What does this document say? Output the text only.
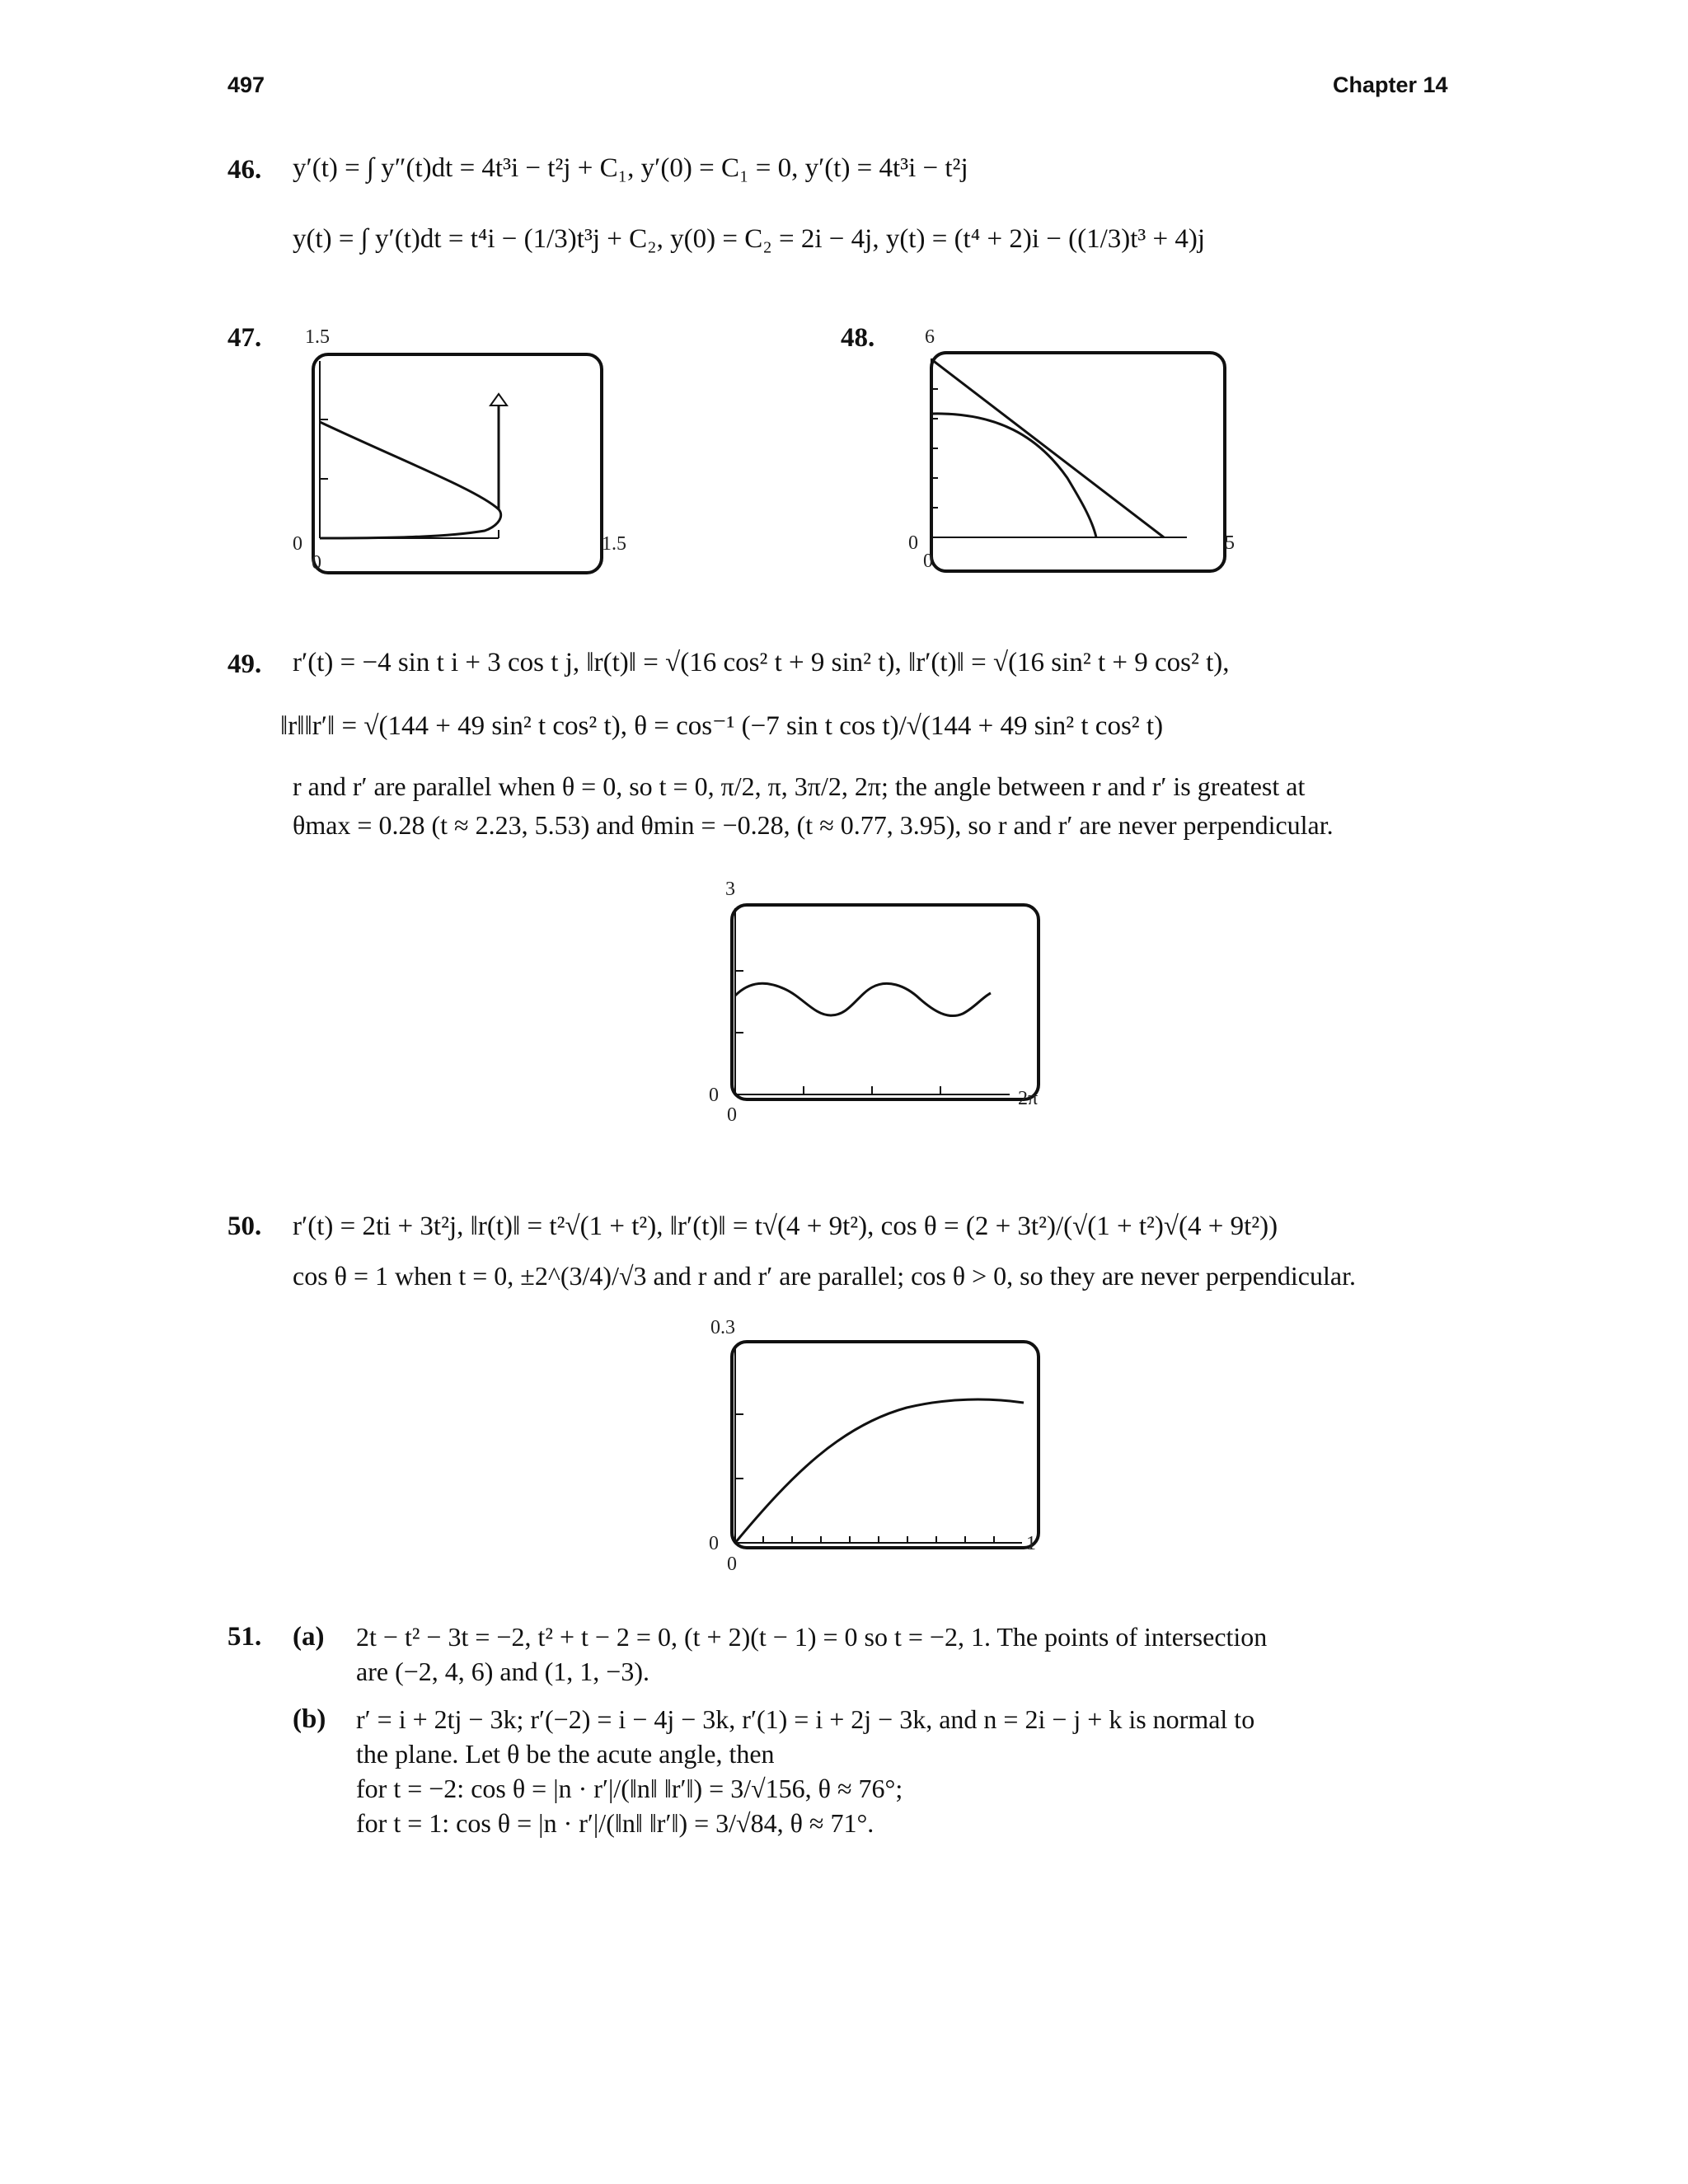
497	Chapter 14
46. y′(t) = ∫ y″(t)dt = 4t³i − t²j + C₁, y′(0) = C₁ = 0, y′(t) = 4t³i − t²j
y(t) = ∫ y′(t)dt = t⁴i − (1/3)t³j + C₂, y(0) = C₂ = 2i − 4j, y(t) = (t⁴ + 2)i − ((1/3)t³ + 4)j
47. 1.5
0
0
1.5
48.	6
0
0
5
49. r′(t) = −4 sin t i + 3 cos t j, ‖r(t)‖ = √(16 cos² t + 9 sin² t), ‖r′(t)‖ = √(16 sin² t + 9 cos² t),
‖r‖‖r′‖ = √(144 + 49 sin² t cos² t), θ = cos⁻¹ (−7 sin t cos t)/√(144 + 49 sin² t cos² t)
r and r′ are parallel when θ = 0, so t = 0, π/2, π, 3π/2, 2π; the angle between r and r′ is greatest at
θmax = 0.28 (t ≈ 2.23, 5.53) and θmin = −0.28, (t ≈ 0.77, 3.95), so r and r′ are never perpendicular.
3
0
0
2π
50. r′(t) = 2ti + 3t²j, ‖r(t)‖ = t²√(1 + t²), ‖r′(t)‖ = t√(4 + 9t²), cos θ = (2 + 3t²)/(√(1 + t²)√(4 + 9t²))
cos θ = 1 when t = 0, ±2^(3/4)/√3 and r and r′ are parallel; cos θ > 0, so they are never perpendicular.
0.3
0
0
1
51. (a) 2t − t² − 3t = −2, t² + t − 2 = 0, (t + 2)(t − 1) = 0 so t = −2, 1. The points of intersection
are (−2, 4, 6) and (1, 1, −3).
(b) r′ = i + 2tj − 3k; r′(−2) = i − 4j − 3k, r′(1) = i + 2j − 3k, and n = 2i − j + k is normal to
the plane. Let θ be the acute angle, then
for t = −2: cos θ = |n · r′|/(‖n‖ ‖r′‖) = 3/√156, θ ≈ 76°;
for t = 1: cos θ = |n · r′|/(‖n‖ ‖r′‖) = 3/√84, θ ≈ 71°.
